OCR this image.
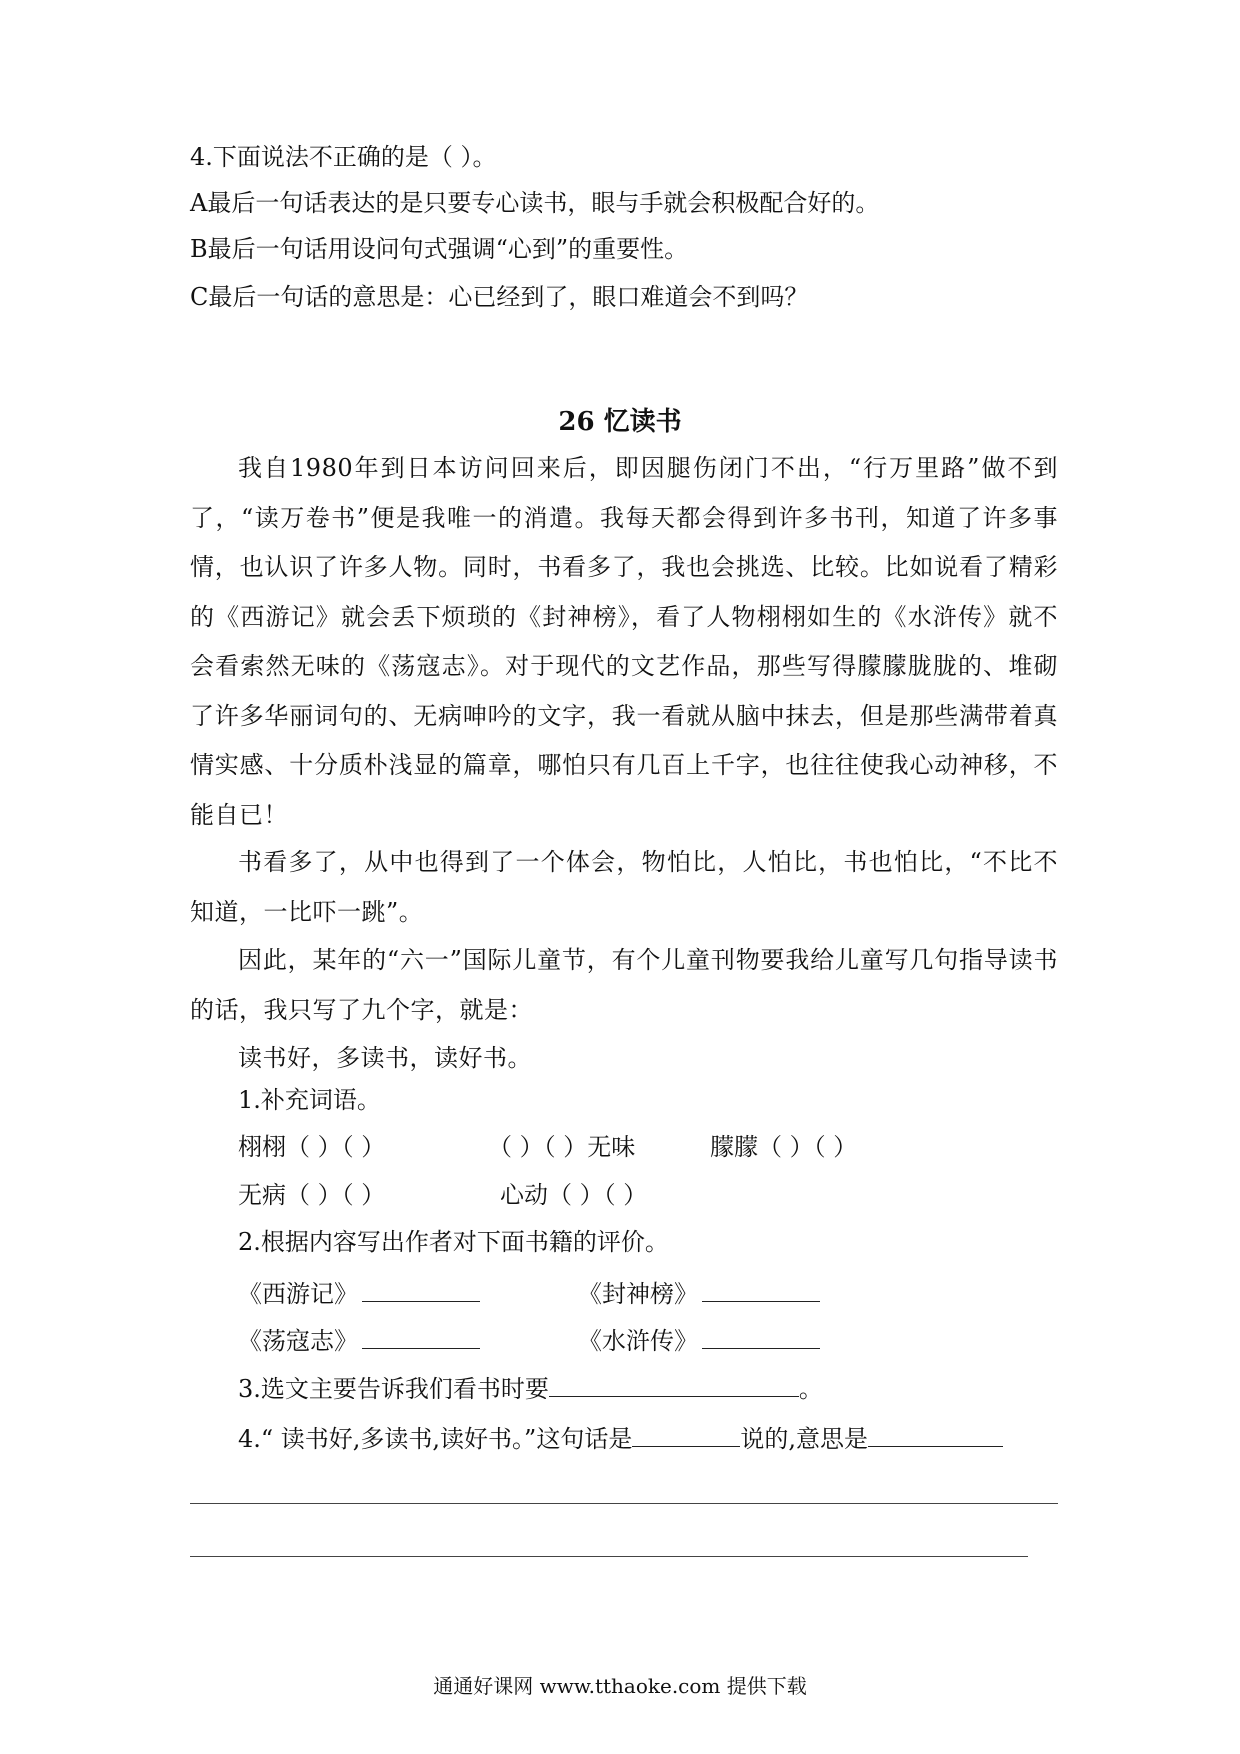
4.下面说法不正确的是（ ）。
A最后一句话表达的是只要专心读书，眼与手就会积极配合好的。
B最后一句话用设问句式强调“心到”的重要性。
C最后一句话的意思是：心已经到了，眼口难道会不到吗？
26 忆读书
我自1980年到日本访问回来后，即因腿伤闭门不出，“行万里路”做不到了，“读万卷书”便是我唯一的消遣。我每天都会得到许多书刊，知道了许多事情，也认识了许多人物。同时，书看多了，我也会挑选、比较。比如说看了精彩的《西游记》就会丢下烦琐的《封神榜》，看了人物栩栩如生的《水浒传》就不会看索然无味的《荡寇志》。对于现代的文艺作品，那些写得朦朦胧胧的、堆砌了许多华丽词句的、无病呻吟的文字，我一看就从脑中抹去，但是那些满带着真情实感、十分质朴浅显的篇章，哪怕只有几百上千字，也往往使我心动神移，不能自已！
书看多了，从中也得到了一个体会，物怕比，人怕比，书也怕比，“不比不知道，一比吓一跳”。
因此，某年的“六一”国际儿童节，有个儿童刊物要我给儿童写几句指导读书的话，我只写了九个字，就是：
读书好，多读书，读好书。
1.补充词语。
栩栩（ ）（ ）	（ ）（ ）无味	朦朦（ ）（ ）
无病（ ）（ ）	心动（ ）（ ）
2.根据内容写出作者对下面书籍的评价。
《西游记》	《封神榜》
《荡寇志》	《水浒传》
3.选文主要告诉我们看书时要	。
4.“ 读书好,多读书,读好书。”这句话是	说的,意思是
通通好课网 www.tthaoke.com 提供下载
